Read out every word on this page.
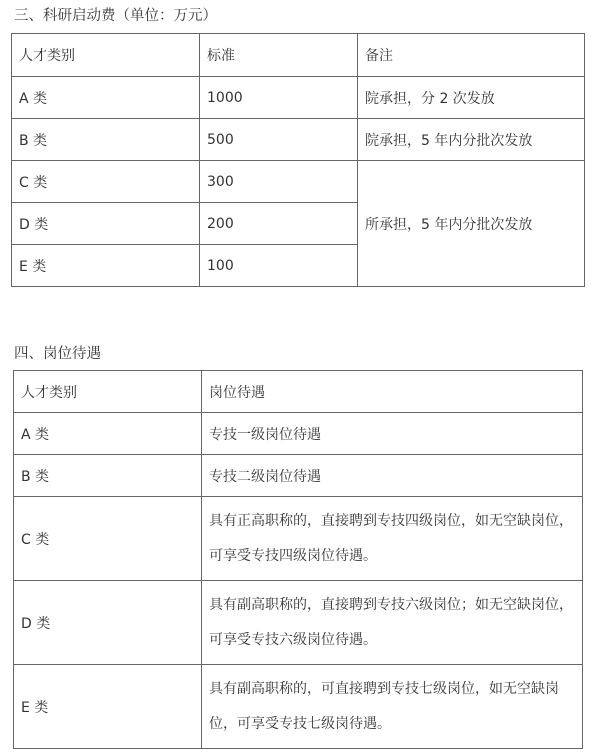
三、科研启动费（单位：万元）
人才类别	标准	备注
A 类	1000	院承担，分 2 次发放
B 类	500	院承担，5 年内分批次发放
C 类	300	所承担，5 年内分批次发放
D 类	200	
E 类	100	
四、岗位待遇
人才类别	岗位待遇
A 类	专技一级岗位待遇
B 类	专技二级岗位待遇
C 类	具有正高职称的，直接聘到专技四级岗位，如无空缺岗位，可享受专技四级岗位待遇。
D 类	具有副高职称的，直接聘到专技六级岗位；如无空缺岗位，可享受专技六级岗位待遇。
E 类	具有副高职称的，可直接聘到专技七级岗位，如无空缺岗位，可享受专技七级岗待遇。
